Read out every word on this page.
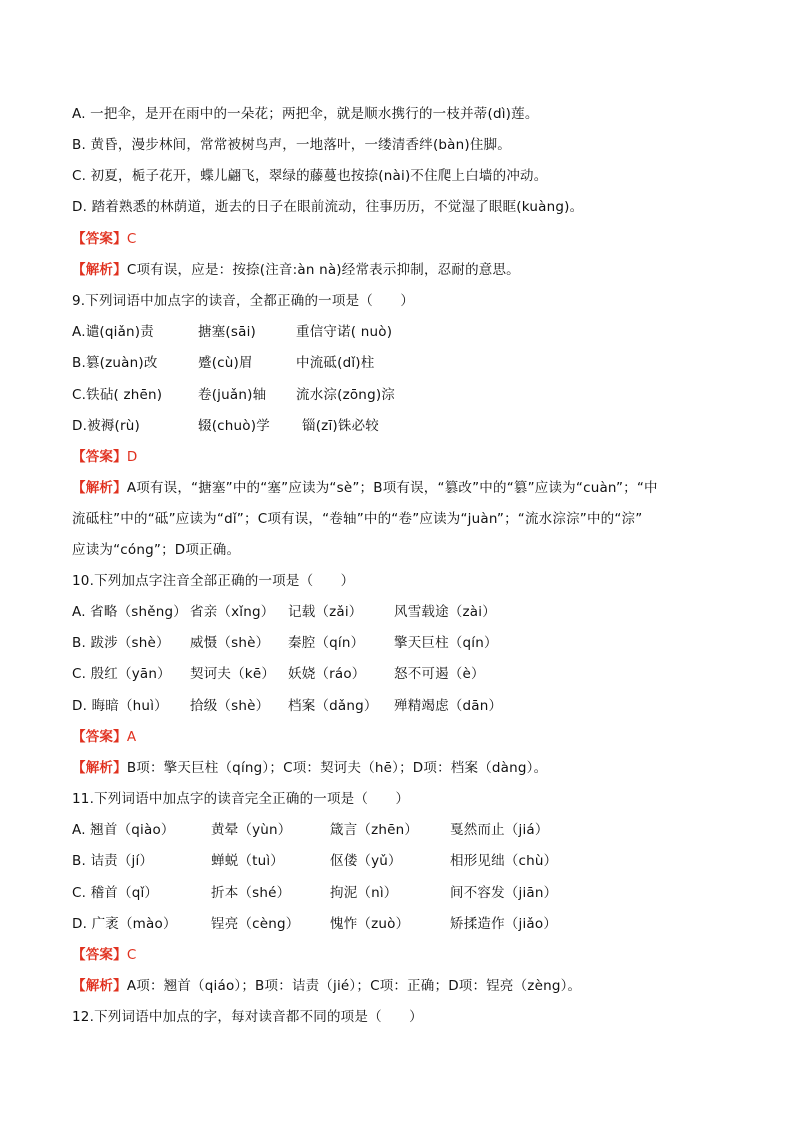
A. 一把伞，是开在雨中的一朵花；两把伞，就是顺水携行的一枝并蒂(dì)莲。
B. 黄昏，漫步林间，常常被树鸟声，一地落叶，一缕清香绊(bàn)住脚。
C. 初夏，栀子花开，蝶儿翩飞，翠绿的藤蔓也按捺(nài)不住爬上白墙的冲动。
D. 踏着熟悉的林荫道，逝去的日子在眼前流动，往事历历，不觉湿了眼眶(kuàng)。
【答案】C
【解析】C项有误，应是：按捺(注音:àn nà)经常表示抑制，忍耐的意思。
9.下列词语中加点字的读音，全都正确的一项是（　　）
A.谴(qiǎn)责	搪塞(sāi)	重信守诺( nuò)
B.篡(zuàn)改	蹙(cù)眉	中流砥(dǐ)柱
C.铁砧( zhēn)	卷(juǎn)轴 流水淙(zōng)淙
D.被褥(rù)	辍(chuò)学 锱(zī)铢必较
【答案】D
【解析】A项有误，“搪塞”中的“塞”应读为“sè”；B项有误，“篡改”中的“篡”应读为“cuàn”；“中
流砥柱”中的“砥”应读为“dǐ”；C项有误，“卷轴”中的“卷”应读为“juàn”；“流水淙淙”中的“淙”
应读为“cóng”；D项正确。
10.下列加点字注音全部正确的一项是（　　）
A. 省略（shěng） 省亲（xǐng） 记载（zǎi） 风雪载途（zài）
B. 跋涉（shè） 威慑（shè） 秦腔（qín） 擎天巨柱（qín）
C. 殷红（yān） 契诃夫（kē） 妖娆（ráo） 怒不可遏（è）
D. 晦暗（huì） 拾级（shè） 档案（dǎng） 殚精竭虑（dān）
【答案】A
【解析】B项：擎天巨柱（qíng）；C项：契诃夫（hē）；D项：档案（dàng）。
11.下列词语中加点字的读音完全正确的一项是（　　）
A. 翘首（qiào）	黄晕（yùn）	箴言（zhēn） 戛然而止（jiá）
B. 诘责（jí）	蝉蜕（tuì）	伛偻（yǔ）	相形见绌（chù）
C. 稽首（qǐ）	折本（shé）	拘泥（nì）	间不容发（jiān）
D. 广袤（mào）	锃亮（cèng） 愧怍（zuò）	矫揉造作（jiǎo）
【答案】C
【解析】A项：翘首（qiáo）；B项：诘责（jié）；C项：正确；D项：锃亮（zèng）。
12.下列词语中加点的字，每对读音都不同的项是（　　）
